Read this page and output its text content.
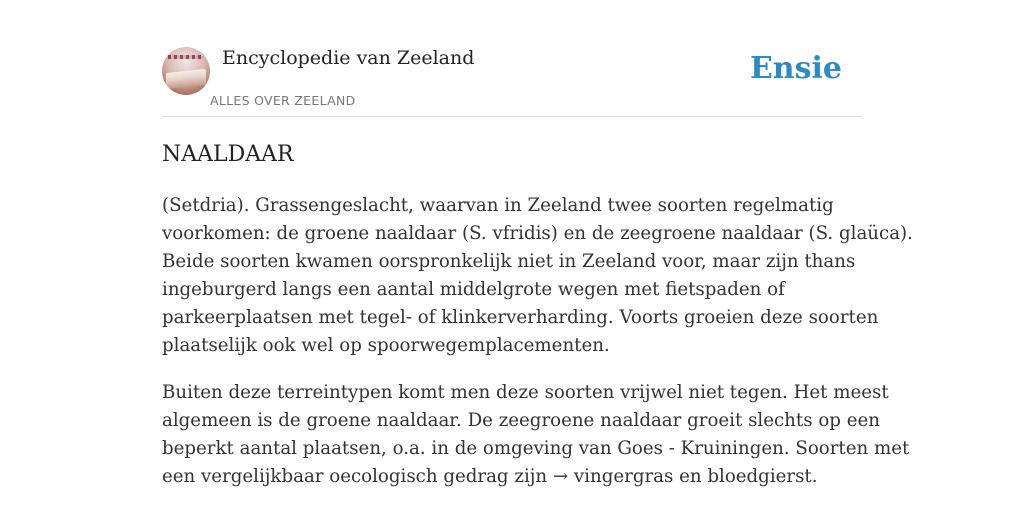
Encyclopedie van Zeeland
ALLES OVER ZEELAND
Ensie
NAALDAAR

(Setdria). Grassengeslacht, waarvan in Zeeland twee soorten regelmatig
voorkomen: de groene naaldaar (S. vfridis) en de zeegroene naaldaar (S. glaüca).
Beide soorten kwamen oorspronkelijk niet in Zeeland voor, maar zijn thans
ingeburgerd langs een aantal middelgrote wegen met fietspaden of
parkeerplaatsen met tegel- of klinkerverharding. Voorts groeien deze soorten
plaatselijk ook wel op spoorwegemplacementen.

Buiten deze terreintypen komt men deze soorten vrijwel niet tegen. Het meest
algemeen is de groene naaldaar. De zeegroene naaldaar groeit slechts op een
beperkt aantal plaatsen, o.a. in de omgeving van Goes - Kruiningen. Soorten met
een vergelijkbaar oecologisch gedrag zijn → vingergras en bloedgierst.
